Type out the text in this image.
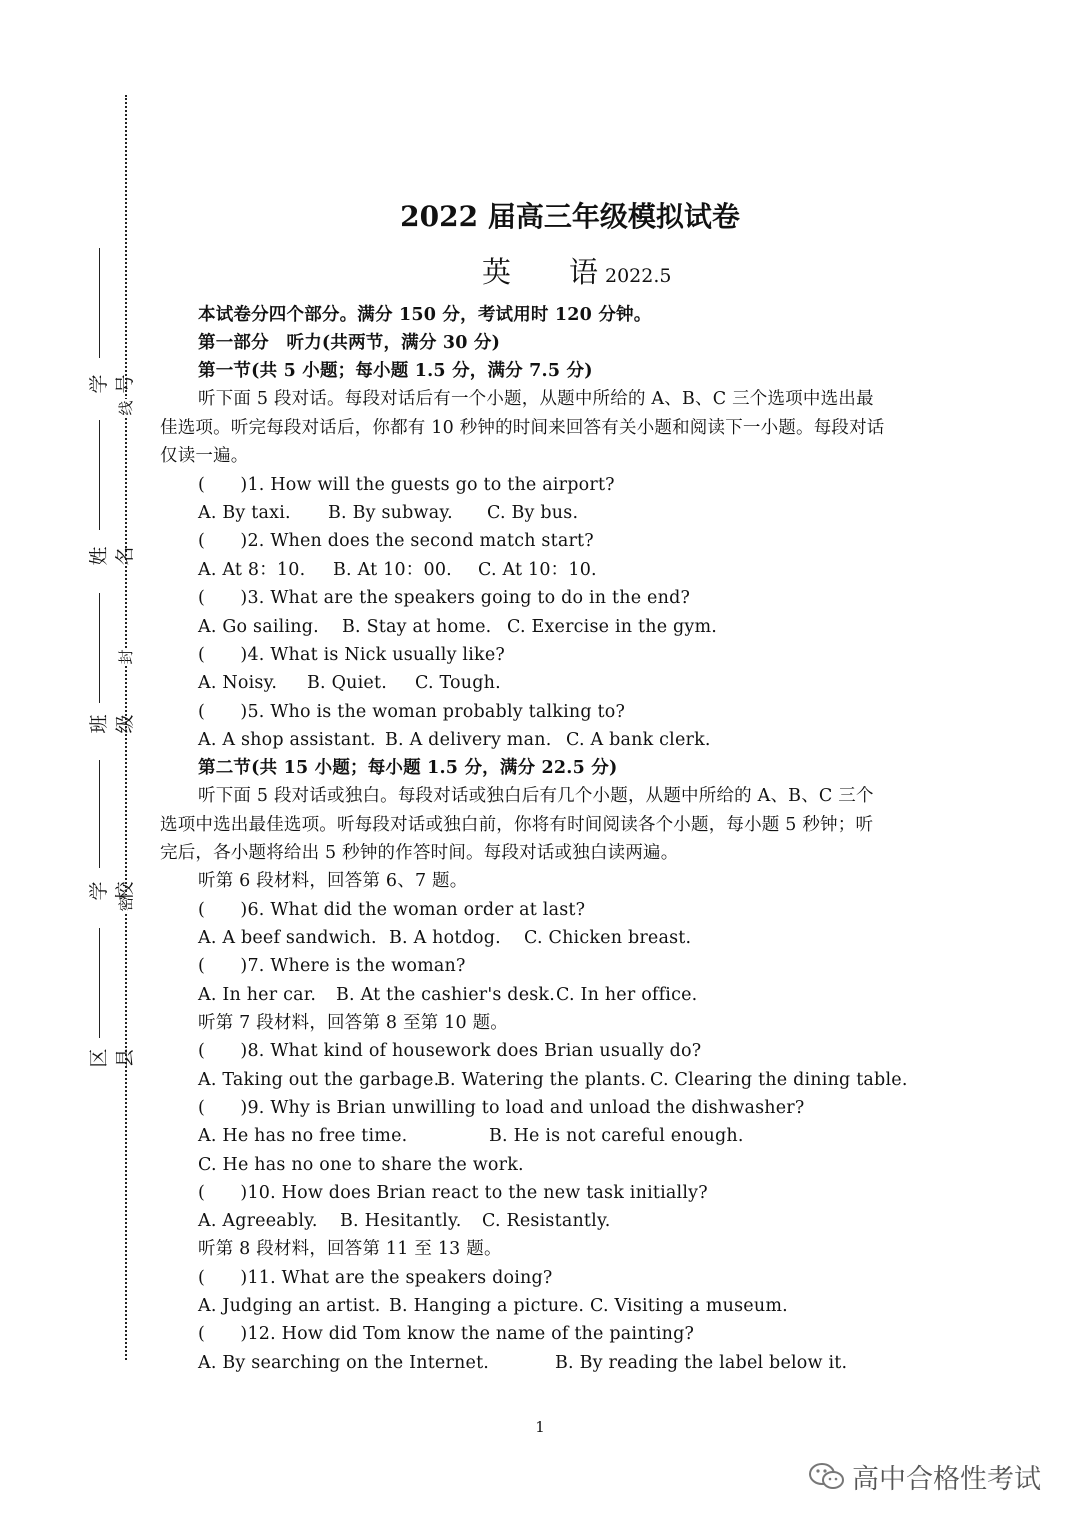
线
封
密
学号
姓名
班级
学校
区县
2022 届高三年级模拟试卷
英　　语 2022.5
本试卷分四个部分。满分 150 分，考试用时 120 分钟。
第一部分　听力(共两节，满分 30 分)
第一节(共 5 小题；每小题 1.5 分，满分 7.5 分)
听下面 5 段对话。每段对话后有一个小题，从题中所给的 A、B、C 三个选项中选出最
佳选项。听完每段对话后，你都有 10 秒钟的时间来回答有关小题和阅读下一小题。每段对话
仅读一遍。
(　　)1. How will the guests go to the airport?
A. By taxi. B. By subway. C. By bus.
(　　)2. When does the second match start?
A. At 8：10. B. At 10：00. C. At 10：10.
(　　)3. What are the speakers going to do in the end?
A. Go sailing. B. Stay at home. C. Exercise in the gym.
(　　)4. What is Nick usually like?
A. Noisy. B. Quiet. C. Tough.
(　　)5. Who is the woman probably talking to?
A. A shop assistant. B. A delivery man. C. A bank clerk.
第二节(共 15 小题；每小题 1.5 分，满分 22.5 分)
听下面 5 段对话或独白。每段对话或独白后有几个小题，从题中所给的 A、B、C 三个
选项中选出最佳选项。听每段对话或独白前，你将有时间阅读各个小题，每小题 5 秒钟；听
完后，各小题将给出 5 秒钟的作答时间。每段对话或独白读两遍。
听第 6 段材料，回答第 6、7 题。
(　　)6. What did the woman order at last?
A. A beef sandwich. B. A hotdog. C. Chicken breast.
(　　)7. Where is the woman?
A. In her car. B. At the cashier's desk. C. In her office.
听第 7 段材料，回答第 8 至第 10 题。
(　　)8. What kind of housework does Brian usually do?
A. Taking out the garbage.
B. Watering the plants. C. Clearing the dining table.
(　　)9. Why is Brian unwilling to load and unload the dishwasher?
A. He has no free time.	B. He is not careful enough.
C. He has no one to share the work.
(　　)10. How does Brian react to the new task initially?
A. Agreeably. B. Hesitantly. C. Resistantly.
听第 8 段材料，回答第 11 至 13 题。
(　　)11. What are the speakers doing?
A. Judging an artist. B. Hanging a picture. C. Visiting a museum.
(　　)12. How did Tom know the name of the painting?
A. By searching on the Internet.	B. By reading the label below it.
1
高中合格性考试
